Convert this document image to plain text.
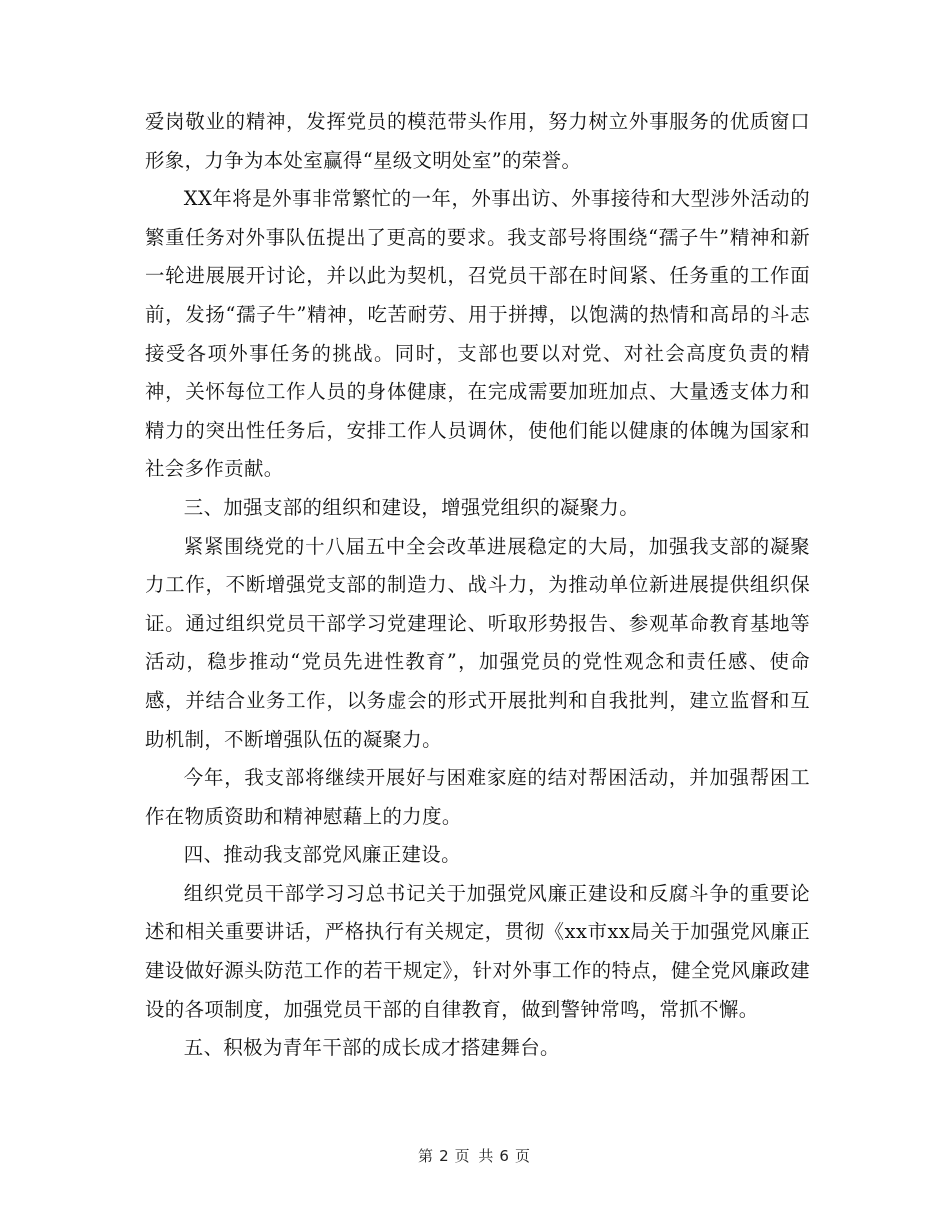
爱岗敬业的精神，发挥党员的模范带头作用，努力树立外事服务的优质窗口形象，力争为本处室赢得“星级文明处室”的荣誉。

XX年将是外事非常繁忙的一年，外事出访、外事接待和大型涉外活动的繁重任务对外事队伍提出了更高的要求。我支部号将围绕“孺子牛”精神和新一轮进展展开讨论，并以此为契机，召党员干部在时间紧、任务重的工作面前，发扬“孺子牛”精神，吃苦耐劳、用于拼搏，以饱满的热情和高昂的斗志接受各项外事任务的挑战。同时，支部也要以对党、对社会高度负责的精神，关怀每位工作人员的身体健康，在完成需要加班加点、大量透支体力和精力的突出性任务后，安排工作人员调休，使他们能以健康的体魄为国家和社会多作贡献。

三、加强支部的组织和建设，增强党组织的凝聚力。

紧紧围绕党的十八届五中全会改革进展稳定的大局，加强我支部的凝聚力工作，不断增强党支部的制造力、战斗力，为推动单位新进展提供组织保证。通过组织党员干部学习党建理论、听取形势报告、参观革命教育基地等活动，稳步推动“党员先进性教育”，加强党员的党性观念和责任感、使命感，并结合业务工作，以务虚会的形式开展批判和自我批判，建立监督和互助机制，不断增强队伍的凝聚力。

今年，我支部将继续开展好与困难家庭的结对帮困活动，并加强帮困工作在物质资助和精神慰藉上的力度。

四、推动我支部党风廉正建设。

组织党员干部学习习总书记关于加强党风廉正建设和反腐斗争的重要论述和相关重要讲话，严格执行有关规定，贯彻《xx市xx局关于加强党风廉正建设做好源头防范工作的若干规定》，针对外事工作的特点，健全党风廉政建设的各项制度，加强党员干部的自律教育，做到警钟常鸣，常抓不懈。

五、积极为青年干部的成长成才搭建舞台。

第 2 页 共 6 页
